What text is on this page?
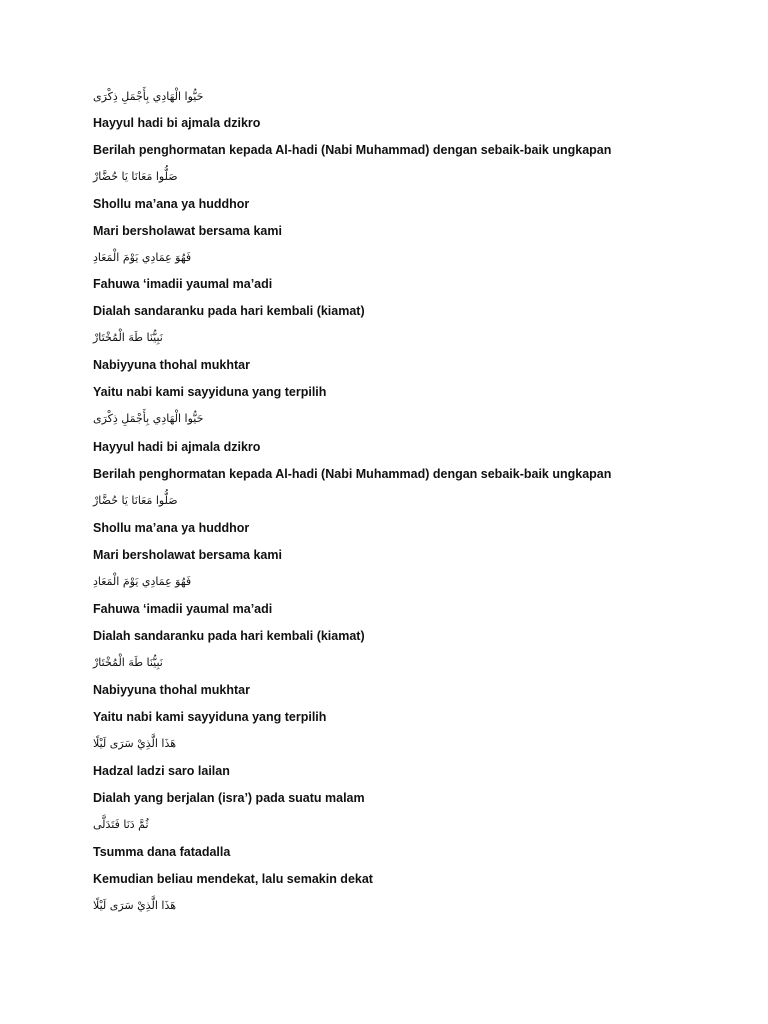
حَيُّوا الْهَادِي بِأَجْمَلِ ذِكْرَى
Hayyul hadi bi ajmala dzikro
Berilah penghormatan kepada Al-hadi (Nabi Muhammad) dengan sebaik-baik ungkapan
صَلُّوا مَعَانَا يَا حُضَّارْ
Shollu ma’ana ya huddhor
Mari bersholawat bersama kami
فَهُوَ عِمَادِي يَوْمَ الْمَعَادِ
Fahuwa ‘imadii yaumal ma’adi
Dialah sandaranku pada hari kembali (kiamat)
نَبِيُّنَا طَهَ الْمُخْتَارْ
Nabiyyuna thohal mukhtar
Yaitu nabi kami sayyiduna yang terpilih
حَيُّوا الْهَادِي بِأَجْمَلِ ذِكْرَى
Hayyul hadi bi ajmala dzikro
Berilah penghormatan kepada Al-hadi (Nabi Muhammad) dengan sebaik-baik ungkapan
صَلُّوا مَعَانَا يَا حُضَّارْ
Shollu ma’ana ya huddhor
Mari bersholawat bersama kami
فَهُوَ عِمَادِي يَوْمَ الْمَعَادِ
Fahuwa ‘imadii yaumal ma’adi
Dialah sandaranku pada hari kembali (kiamat)
نَبِيُّنَا طَهَ الْمُخْتَارْ
Nabiyyuna thohal mukhtar
Yaitu nabi kami sayyiduna yang terpilih
هَذَا الَّذِيْ سَرَى لَيْلًا
Hadzal ladzi saro lailan
Dialah yang berjalan (isra’) pada suatu malam
ثُمَّ دَنَا فَتَدَلَّى
Tsumma dana fatadalla
Kemudian beliau mendekat, lalu semakin dekat
هَذَا الَّذِيْ سَرَى لَيْلًا
